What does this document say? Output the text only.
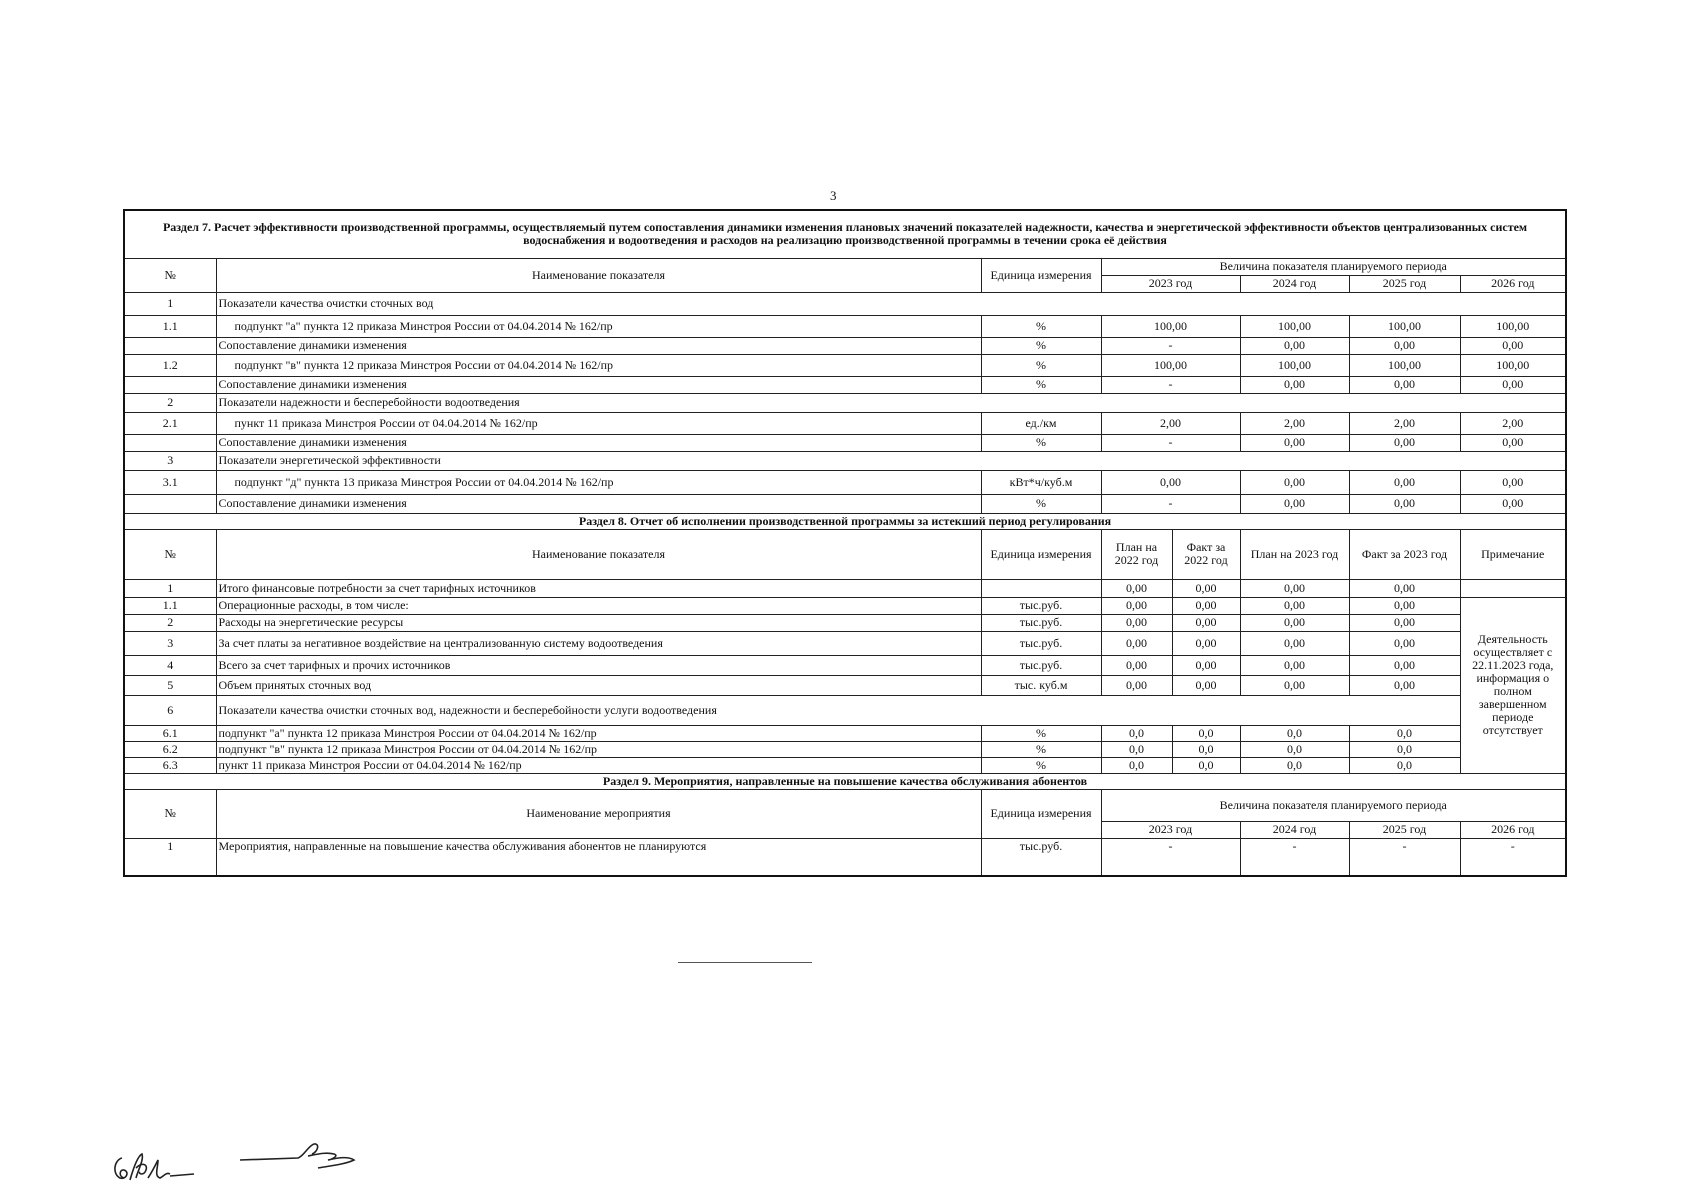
3
Раздел 7. Расчет эффективности производственной программы, осуществляемый путем сопоставления динамики изменения плановых значений показателей надежности, качества и энергетической эффективности объектов централизованных систем водоснабжения и водоотведения и расходов на реализацию производственной программы в течении срока её действия							
№	Наименование показателя	Единица измерения	Величина показателя планируемого периода				
			2023 год		2024 год	2025 год	2026 год
1	Показатели качества очистки сточных вод						
1.1	подпункт "а" пункта 12 приказа Минстроя России от 04.04.2014 № 162/пр	%	100,00		100,00	100,00	100,00
	Сопоставление динамики изменения	%	-		0,00	0,00	0,00
1.2	подпункт "в" пункта 12 приказа Минстроя России от 04.04.2014 № 162/пр	%	100,00		100,00	100,00	100,00
	Сопоставление динамики изменения	%	-		0,00	0,00	0,00
2	Показатели надежности и бесперебойности водоотведения						
2.1	пункт 11 приказа Минстроя России от 04.04.2014 № 162/пр	ед./км	2,00		2,00	2,00	2,00
	Сопоставление динамики изменения	%	-		0,00	0,00	0,00
3	Показатели энергетической эффективности						
3.1	подпункт "д" пункта 13 приказа Минстроя России от 04.04.2014 № 162/пр	кВт*ч/куб.м	0,00		0,00	0,00	0,00
	Сопоставление динамики изменения	%	-		0,00	0,00	0,00
Раздел 8. Отчет об исполнении производственной программы за истекший период регулирования							
№	Наименование показателя	Единица измерения	План на 2022 год	Факт за 2022 год	План на 2023 год	Факт за 2023 год	Примечание
1	Итого финансовые потребности за счет тарифных источников		0,00	0,00	0,00	0,00	
1.1	Операционные расходы, в том числе:	тыс.руб.	0,00	0,00	0,00	0,00	Деятельность осуществляет с 22.11.2023 года, информация о полном завершенном периоде отсутствует
2	Расходы на энергетические ресурсы	тыс.руб.	0,00	0,00	0,00	0,00	
3	За счет платы за негативное воздействие на централизованную систему водоотведения	тыс.руб.	0,00	0,00	0,00	0,00	
4	Всего за счет тарифных и прочих источников	тыс.руб.	0,00	0,00	0,00	0,00	
5	Объем принятых сточных вод	тыс. куб.м	0,00	0,00	0,00	0,00	
6	Показатели качества очистки сточных вод, надежности и бесперебойности услуги водоотведения						
6.1	подпункт "а" пункта 12 приказа Минстроя России от 04.04.2014 № 162/пр	%	0,0	0,0	0,0	0,0	
6.2	подпункт "в" пункта 12 приказа Минстроя России от 04.04.2014 № 162/пр	%	0,0	0,0	0,0	0,0	
6.3	пункт 11 приказа Минстроя России от 04.04.2014 № 162/пр	%	0,0	0,0	0,0	0,0	
Раздел 9. Мероприятия, направленные на повышение качества обслуживания абонентов							
№	Наименование мероприятия	Единица измерения	Величина показателя планируемого периода				
			2023 год		2024 год	2025 год	2026 год
1	Мероприятия, направленные на повышение качества обслуживания абонентов не планируются	тыс.руб.	-		-	-	-
